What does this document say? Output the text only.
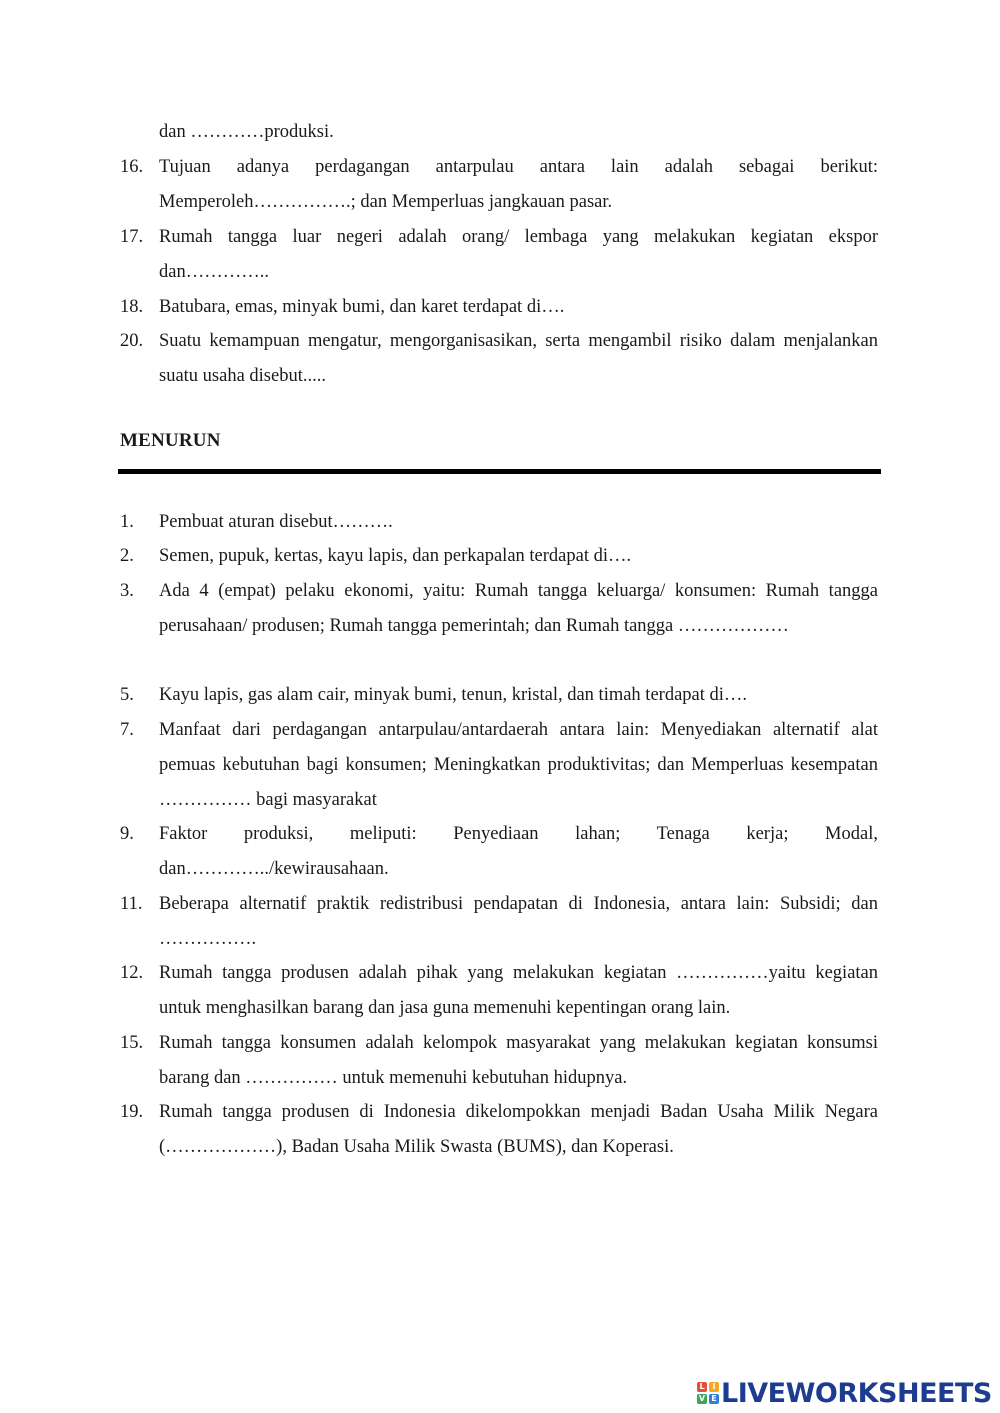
dan …………produksi.
16. Tujuan adanya perdagangan antarpulau antara lain adalah sebagai berikut: Memperoleh…………….; dan Memperluas jangkauan pasar.
17. Rumah tangga luar negeri adalah orang/ lembaga yang melakukan kegiatan ekspor dan…………..
18. Batubara, emas, minyak bumi, dan karet terdapat di….
20. Suatu kemampuan mengatur, mengorganisasikan, serta mengambil risiko dalam menjalankan suatu usaha disebut.....
MENURUN
1. Pembuat aturan disebut……….
2. Semen, pupuk, kertas, kayu lapis, dan perkapalan terdapat di….
3. Ada 4 (empat) pelaku ekonomi, yaitu: Rumah tangga keluarga/ konsumen: Rumah tangga perusahaan/ produsen; Rumah tangga pemerintah; dan Rumah tangga ………………
5. Kayu lapis, gas alam cair, minyak bumi, tenun, kristal, dan timah terdapat di….
7. Manfaat dari perdagangan antarpulau/antardaerah antara lain: Menyediakan alternatif alat pemuas kebutuhan bagi konsumen; Meningkatkan produktivitas; dan Memperluas kesempatan …………… bagi masyarakat
9. Faktor produksi, meliputi: Penyediaan lahan; Tenaga kerja; Modal, dan…………../kewirausahaan.
11. Beberapa alternatif praktik redistribusi pendapatan di Indonesia, antara lain: Subsidi; dan …………….
12. Rumah tangga produsen adalah pihak yang melakukan kegiatan ……………yaitu kegiatan untuk menghasilkan barang dan jasa guna memenuhi kepentingan orang lain.
15. Rumah tangga konsumen adalah kelompok masyarakat yang melakukan kegiatan konsumsi barang dan …………… untuk memenuhi kebutuhan hidupnya.
19. Rumah tangga produsen di Indonesia dikelompokkan menjadi Badan Usaha Milik Negara (………………), Badan Usaha Milik Swasta (BUMS), dan Koperasi.
L I
V E LIVEWORKSHEETS
